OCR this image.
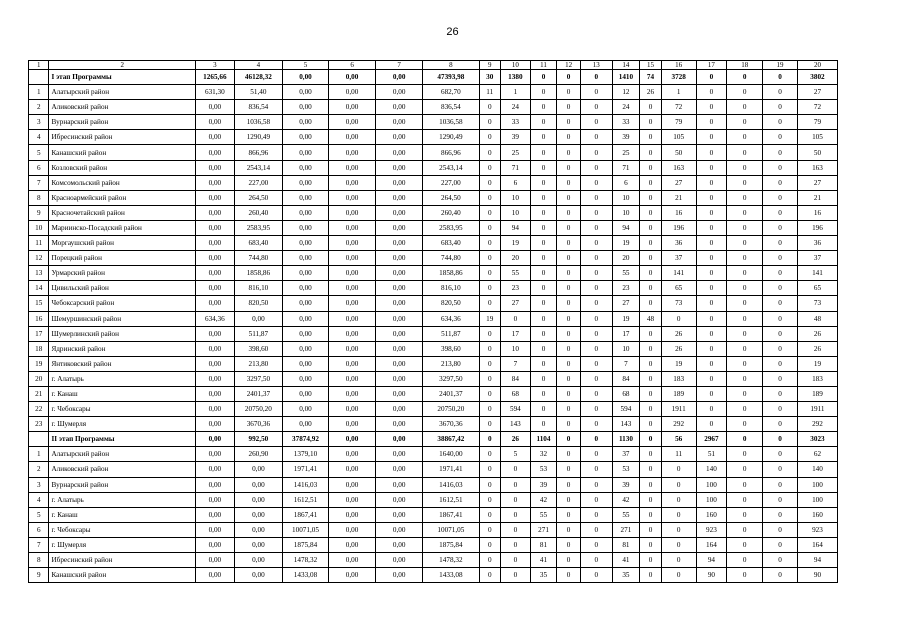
26
1	2	3	4	5	6	7	8	9	10	11	12	13	14	15	16	17	18	19	20
	I этап Программы	1265,66	46128,32	0,00	0,00	0,00	47393,98	30	1380	0	0	0	1410	74	3728	0	0	0	3802
1	Алатырский район	631,30	51,40	0,00	0,00	0,00	682,70	11	1	0	0	0	12	26	1	0	0	0	27
2	Аликовский район	0,00	836,54	0,00	0,00	0,00	836,54	0	24	0	0	0	24	0	72	0	0	0	72
3	Вурнарский район	0,00	1036,58	0,00	0,00	0,00	1036,58	0	33	0	0	0	33	0	79	0	0	0	79
4	Ибресинский район	0,00	1290,49	0,00	0,00	0,00	1290,49	0	39	0	0	0	39	0	105	0	0	0	105
5	Канашский район	0,00	866,96	0,00	0,00	0,00	866,96	0	25	0	0	0	25	0	50	0	0	0	50
6	Козловский район	0,00	2543,14	0,00	0,00	0,00	2543,14	0	71	0	0	0	71	0	163	0	0	0	163
7	Комсомольский район	0,00	227,00	0,00	0,00	0,00	227,00	0	6	0	0	0	6	0	27	0	0	0	27
8	Красноармейский район	0,00	264,50	0,00	0,00	0,00	264,50	0	10	0	0	0	10	0	21	0	0	0	21
9	Красночетайский район	0,00	260,40	0,00	0,00	0,00	260,40	0	10	0	0	0	10	0	16	0	0	0	16
10	Мариинско-Посадский район	0,00	2583,95	0,00	0,00	0,00	2583,95	0	94	0	0	0	94	0	196	0	0	0	196
11	Моргаушский район	0,00	683,40	0,00	0,00	0,00	683,40	0	19	0	0	0	19	0	36	0	0	0	36
12	Порецкий район	0,00	744,80	0,00	0,00	0,00	744,80	0	20	0	0	0	20	0	37	0	0	0	37
13	Урмарский район	0,00	1858,86	0,00	0,00	0,00	1858,86	0	55	0	0	0	55	0	141	0	0	0	141
14	Цивильский район	0,00	816,10	0,00	0,00	0,00	816,10	0	23	0	0	0	23	0	65	0	0	0	65
15	Чебоксарский район	0,00	820,50	0,00	0,00	0,00	820,50	0	27	0	0	0	27	0	73	0	0	0	73
16	Шемуршинский район	634,36	0,00	0,00	0,00	0,00	634,36	19	0	0	0	0	19	48	0	0	0	0	48
17	Шумерлинский район	0,00	511,87	0,00	0,00	0,00	511,87	0	17	0	0	0	17	0	26	0	0	0	26
18	Ядринский район	0,00	398,60	0,00	0,00	0,00	398,60	0	10	0	0	0	10	0	26	0	0	0	26
19	Янтиковский район	0,00	213,80	0,00	0,00	0,00	213,80	0	7	0	0	0	7	0	19	0	0	0	19
20	г. Алатырь	0,00	3297,50	0,00	0,00	0,00	3297,50	0	84	0	0	0	84	0	183	0	0	0	183
21	г. Канаш	0,00	2401,37	0,00	0,00	0,00	2401,37	0	68	0	0	0	68	0	189	0	0	0	189
22	г. Чебоксары	0,00	20750,20	0,00	0,00	0,00	20750,20	0	594	0	0	0	594	0	1911	0	0	0	1911
23	г. Шумерля	0,00	3670,36	0,00	0,00	0,00	3670,36	0	143	0	0	0	143	0	292	0	0	0	292
	II этап Программы	0,00	992,50	37874,92	0,00	0,00	38867,42	0	26	1104	0	0	1130	0	56	2967	0	0	3023
1	Алатырский район	0,00	260,90	1379,10	0,00	0,00	1640,00	0	5	32	0	0	37	0	11	51	0	0	62
2	Аликовский район	0,00	0,00	1971,41	0,00	0,00	1971,41	0	0	53	0	0	53	0	0	140	0	0	140
3	Вурнарский район	0,00	0,00	1416,03	0,00	0,00	1416,03	0	0	39	0	0	39	0	0	100	0	0	100
4	г. Алатырь	0,00	0,00	1612,51	0,00	0,00	1612,51	0	0	42	0	0	42	0	0	100	0	0	100
5	г. Канаш	0,00	0,00	1867,41	0,00	0,00	1867,41	0	0	55	0	0	55	0	0	160	0	0	160
6	г. Чебоксары	0,00	0,00	10071,05	0,00	0,00	10071,05	0	0	271	0	0	271	0	0	923	0	0	923
7	г. Шумерля	0,00	0,00	1875,84	0,00	0,00	1875,84	0	0	81	0	0	81	0	0	164	0	0	164
8	Ибресинский район	0,00	0,00	1478,32	0,00	0,00	1478,32	0	0	41	0	0	41	0	0	94	0	0	94
9	Канашский район	0,00	0,00	1433,08	0,00	0,00	1433,08	0	0	35	0	0	35	0	0	90	0	0	90
